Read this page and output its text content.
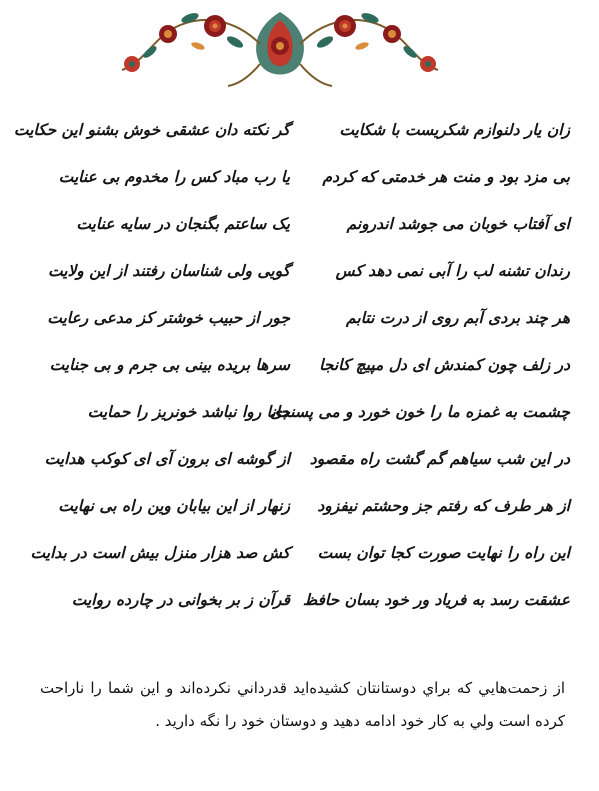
زان یار دلنوازم شکریست با شکایت
گر نکته دان عشقی خوش بشنو این حکایت
بی مزد بود و منت هر خدمتی که کردم
یا رب مباد کس را مخدوم بی عنایت
ای آفتاب خوبان می جوشد اندرونم
یک ساعتم بگنجان در سایه عنایت
رندان تشنه لب را آبی نمی دهد کس
گویی ولی شناسان رفتند از این ولایت
هر چند بردی آبم روی از درت نتابم
جور از حبیب خوشتر کز مدعی رعایت
در زلف چون کمندش ای دل مپیچ کانجا
سرها بریده بینی بی جرم و بی جنایت
چشمت به غمزه ما را خون خورد و می پسندی
جانا روا نباشد خونریز را حمایت
در این شب سیاهم گم گشت راه مقصود
از گوشه ای برون آی ای کوکب هدایت
از هر طرف که رفتم جز وحشتم نیفزود
زنهار از این بیابان وین راه بی نهایت
این راه را نهایت صورت کجا توان بست
کش صد هزار منزل بیش است در بدایت
عشقت رسد به فریاد ور خود بسان حافظ
قرآن ز بر بخوانی در چارده روایت
از زحمت‌هايي كه براي دوستانتان كشيده‌ايد قدرداني نكرده‌اند و اين شما را ناراحت كرده است ولي به كار خود ادامه دهيد و دوستان خود را نگه داريد .
